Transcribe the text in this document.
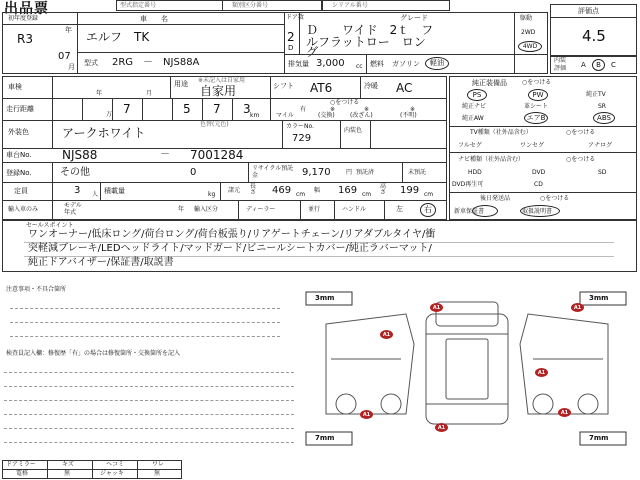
出品票	型式指定番号	類別区分番号	シリアル番号
初年度登録
R3
年
07
月
車　　名
エルフ　TK
型式 2RG　－　NJS88A
ドア数
2
D
グレード
Ｄ　　ワイド　2ｔ　フ
ルフラットロー　ロン
グ
排気量 3,000 cc 燃料 ガソリン	軽油
駆動
2WD
4WD
評価点
4.5
内装
評価 A	B	C
車検
年	月
用途 ※未記入は自家用
自家用	シフト AT6	冷暖 AC
走行距離
万 7	5 7 3 km
○をつける
有	※	※	※
マイル	(交換)	(改ざん)	(不明)
外装色
色替(元色)
アークホワイト	カラーNo.
729
内装色
車台No.	NJS88	－ 7001284
登録No.	その他	0	リサイクル預託金	9,170	円 預託済	未預託
定員	3 人 積載量	kg
諸元
長さ 469 cm
幅 169 cm
高さ 199 cm
輸入車のみ
モデル年式	年 輸入区分	ディーラー	並行	ハンドル	左	右
純正装備品	○をつける
PS	PW	純正TV
純正ナビ	革シート	SR
純正AW	エアB	ABS
TV種類（社外品含む）	○をつける
フルセグ	ワンセグ	アナログ
ナビ種類（社外品含む）	○をつける
HDD	DVD	SD
DVD再生可	CD
後日発送品	○をつける
新車保証書	取扱説明書
セールスポイント
ワンオーナー/低床ロング/荷台ロング/荷台板張り/リアゲートチェーン/リアダブルタイヤ/衝
突軽減ブレーキ/LEDヘッドライト/マッドガード/ビニールシートカバー/純正ラバーマット/
純正ドアバイザー/保証書/取説書
注意事項・不具合箇所
検査員記入欄：修復歴「有」の場合は修復箇所・交換箇所を記入
3mm	3mm
7mm	7mm
A1	A1
A1
A1
A1
A1
A1
ドアミラー	キズ	ヘコミ	ワレ
電格	無	ジャッキ	無
